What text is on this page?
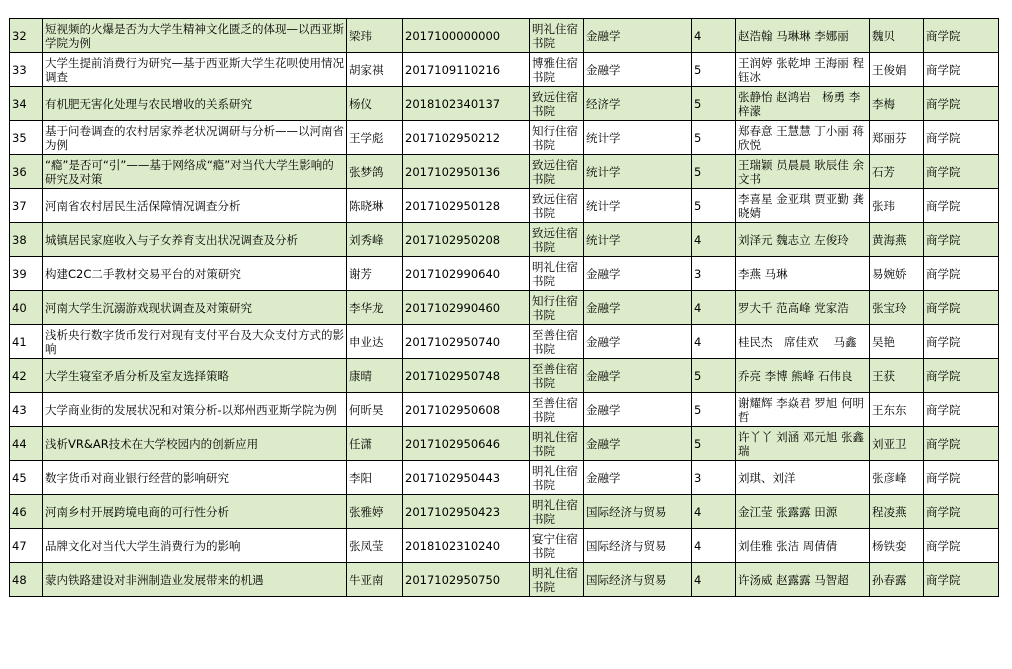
32	短视频的火爆是否为大学生精神文化匮乏的体现—以西亚斯学院为例	梁玮	2017100000000	明礼住宿书院	金融学	4	赵浩翰 马琳琳 李娜丽	魏贝	商学院
33	大学生提前消费行为研究—基于西亚斯大学生花呗使用情况调查	胡家祺	2017109110216	博雅住宿书院	金融学	5	王润婷 张乾坤 王海丽 程钰冰	王俊娟	商学院
34	有机肥无害化处理与农民增收的关系研究	杨仪	2018102340137	致远住宿书院	经济学	5	张静怡 赵鸿岩　杨勇 李梓濛	李梅	商学院
35	基于问卷调查的农村居家养老状况调研与分析——以河南省为例	王学彪	2017102950212	知行住宿书院	统计学	5	郑春意 王慧慧 丁小丽 蒋欣悦	郑丽芬	商学院
36	“瘾”是否可“引”——基于网络成“瘾”对当代大学生影响的研究及对策	张梦鸽	2017102950136	致远住宿书院	统计学	5	王瑞颖 员晨晨 耿辰佳 余文书	石芳	商学院
37	河南省农村居民生活保障情况调查分析	陈晓琳	2017102950128	致远住宿书院	统计学	5	李喜星 金亚琪 贾亚勤 龚晓婧	张玮	商学院
38	城镇居民家庭收入与子女养育支出状况调查及分析	刘秀峰	2017102950208	致远住宿书院	统计学	4	刘泽元 魏志立 左俊玲	黄海燕	商学院
39	构建C2C二手教材交易平台的对策研究	谢芳	2017102990640	明礼住宿书院	金融学	3	李燕 马琳	易婉娇	商学院
40	河南大学生沉溺游戏现状调查及对策研究	李华龙	2017102990460	知行住宿书院	金融学	4	罗大千 范高峰 党家浩	张宝玲	商学院
41	浅析央行数字货币发行对现有支付平台及大众支付方式的影响	申业达	2017102950740	至善住宿书院	金融学	4	桂民杰　席佳欢　 马鑫	吴艳	商学院
42	大学生寝室矛盾分析及室友选择策略	康晴	2017102950748	至善住宿书院	金融学	5	乔亮 李博 熊峰 石伟良	王获	商学院
43	大学商业街的发展状况和对策分析-以郑州西亚斯学院为例	何昕昊	2017102950608	至善住宿书院	金融学	5	谢耀辉 李焱君 罗旭 何明哲	王东东	商学院
44	浅析VR&AR技术在大学校园内的创新应用	任潇	2017102950646	明礼住宿书院	金融学	5	许丫丫 刘涵 邓元旭 张鑫瑞	刘亚卫	商学院
45	数字货币对商业银行经营的影响研究	李阳	2017102950443	明礼住宿书院	金融学	3	刘琪、刘洋	张彦峰	商学院
46	河南乡村开展跨境电商的可行性分析	张雅婷	2017102950423	明礼住宿书院	国际经济与贸易	4	金江莹 张露露 田源	程凌燕	商学院
47	品牌文化对当代大学生消费行为的影响	张凤莹	2018102310240	宴宁住宿书院	国际经济与贸易	4	刘佳雅 张洁 周倩倩	杨铁娈	商学院
48	蒙内铁路建设对非洲制造业发展带来的机遇	牛亚南	2017102950750	明礼住宿书院	国际经济与贸易	4	许汤威 赵露露 马智超	孙春露	商学院
